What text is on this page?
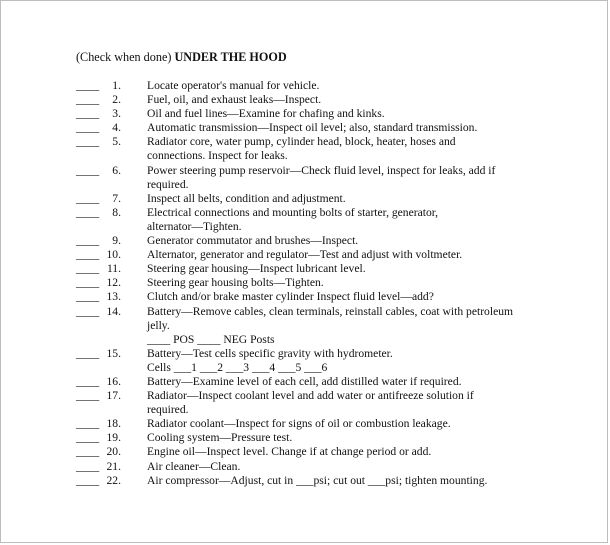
(Check when done) UNDER THE HOOD
____	1. Locate operator's manual for vehicle.
____	2. Fuel, oil, and exhaust leaks—Inspect.
____	3. Oil and fuel lines—Examine for chafing and kinks.
____	4. Automatic transmission—Inspect oil level; also, standard transmission.
____	5. Radiator core, water pump, cylinder head, block, heater, hoses and
connections. Inspect for leaks.
____	6. Power steering pump reservoir—Check fluid level, inspect for leaks, add if
required.
____	7. Inspect all belts, condition and adjustment.
____	8. Electrical connections and mounting bolts of starter, generator,
alternator—Tighten.
____	9. Generator commutator and brushes—Inspect.
____ 10. Alternator, generator and regulator—Test and adjust with voltmeter.
____ 11. Steering gear housing—Inspect lubricant level.
____ 12. Steering gear housing bolts—Tighten.
____ 13. Clutch and/or brake master cylinder Inspect fluid level—add?
____ 14. Battery—Remove cables, clean terminals, reinstall cables, coat with petroleum
jelly.
____ POS ____ NEG Posts
____ 15. Battery—Test cells specific gravity with hydrometer.
Cells ___1 ___2 ___3 ___4 ___5 ___6
____ 16. Battery—Examine level of each cell, add distilled water if required.
____ 17. Radiator—Inspect coolant level and add water or antifreeze solution if
required.
____ 18. Radiator coolant—Inspect for signs of oil or combustion leakage.
____ 19. Cooling system—Pressure test.
____ 20. Engine oil—Inspect level. Change if at change period or add.
____ 21. Air cleaner—Clean.
____ 22. Air compressor—Adjust, cut in ___psi; cut out ___psi; tighten mounting.
